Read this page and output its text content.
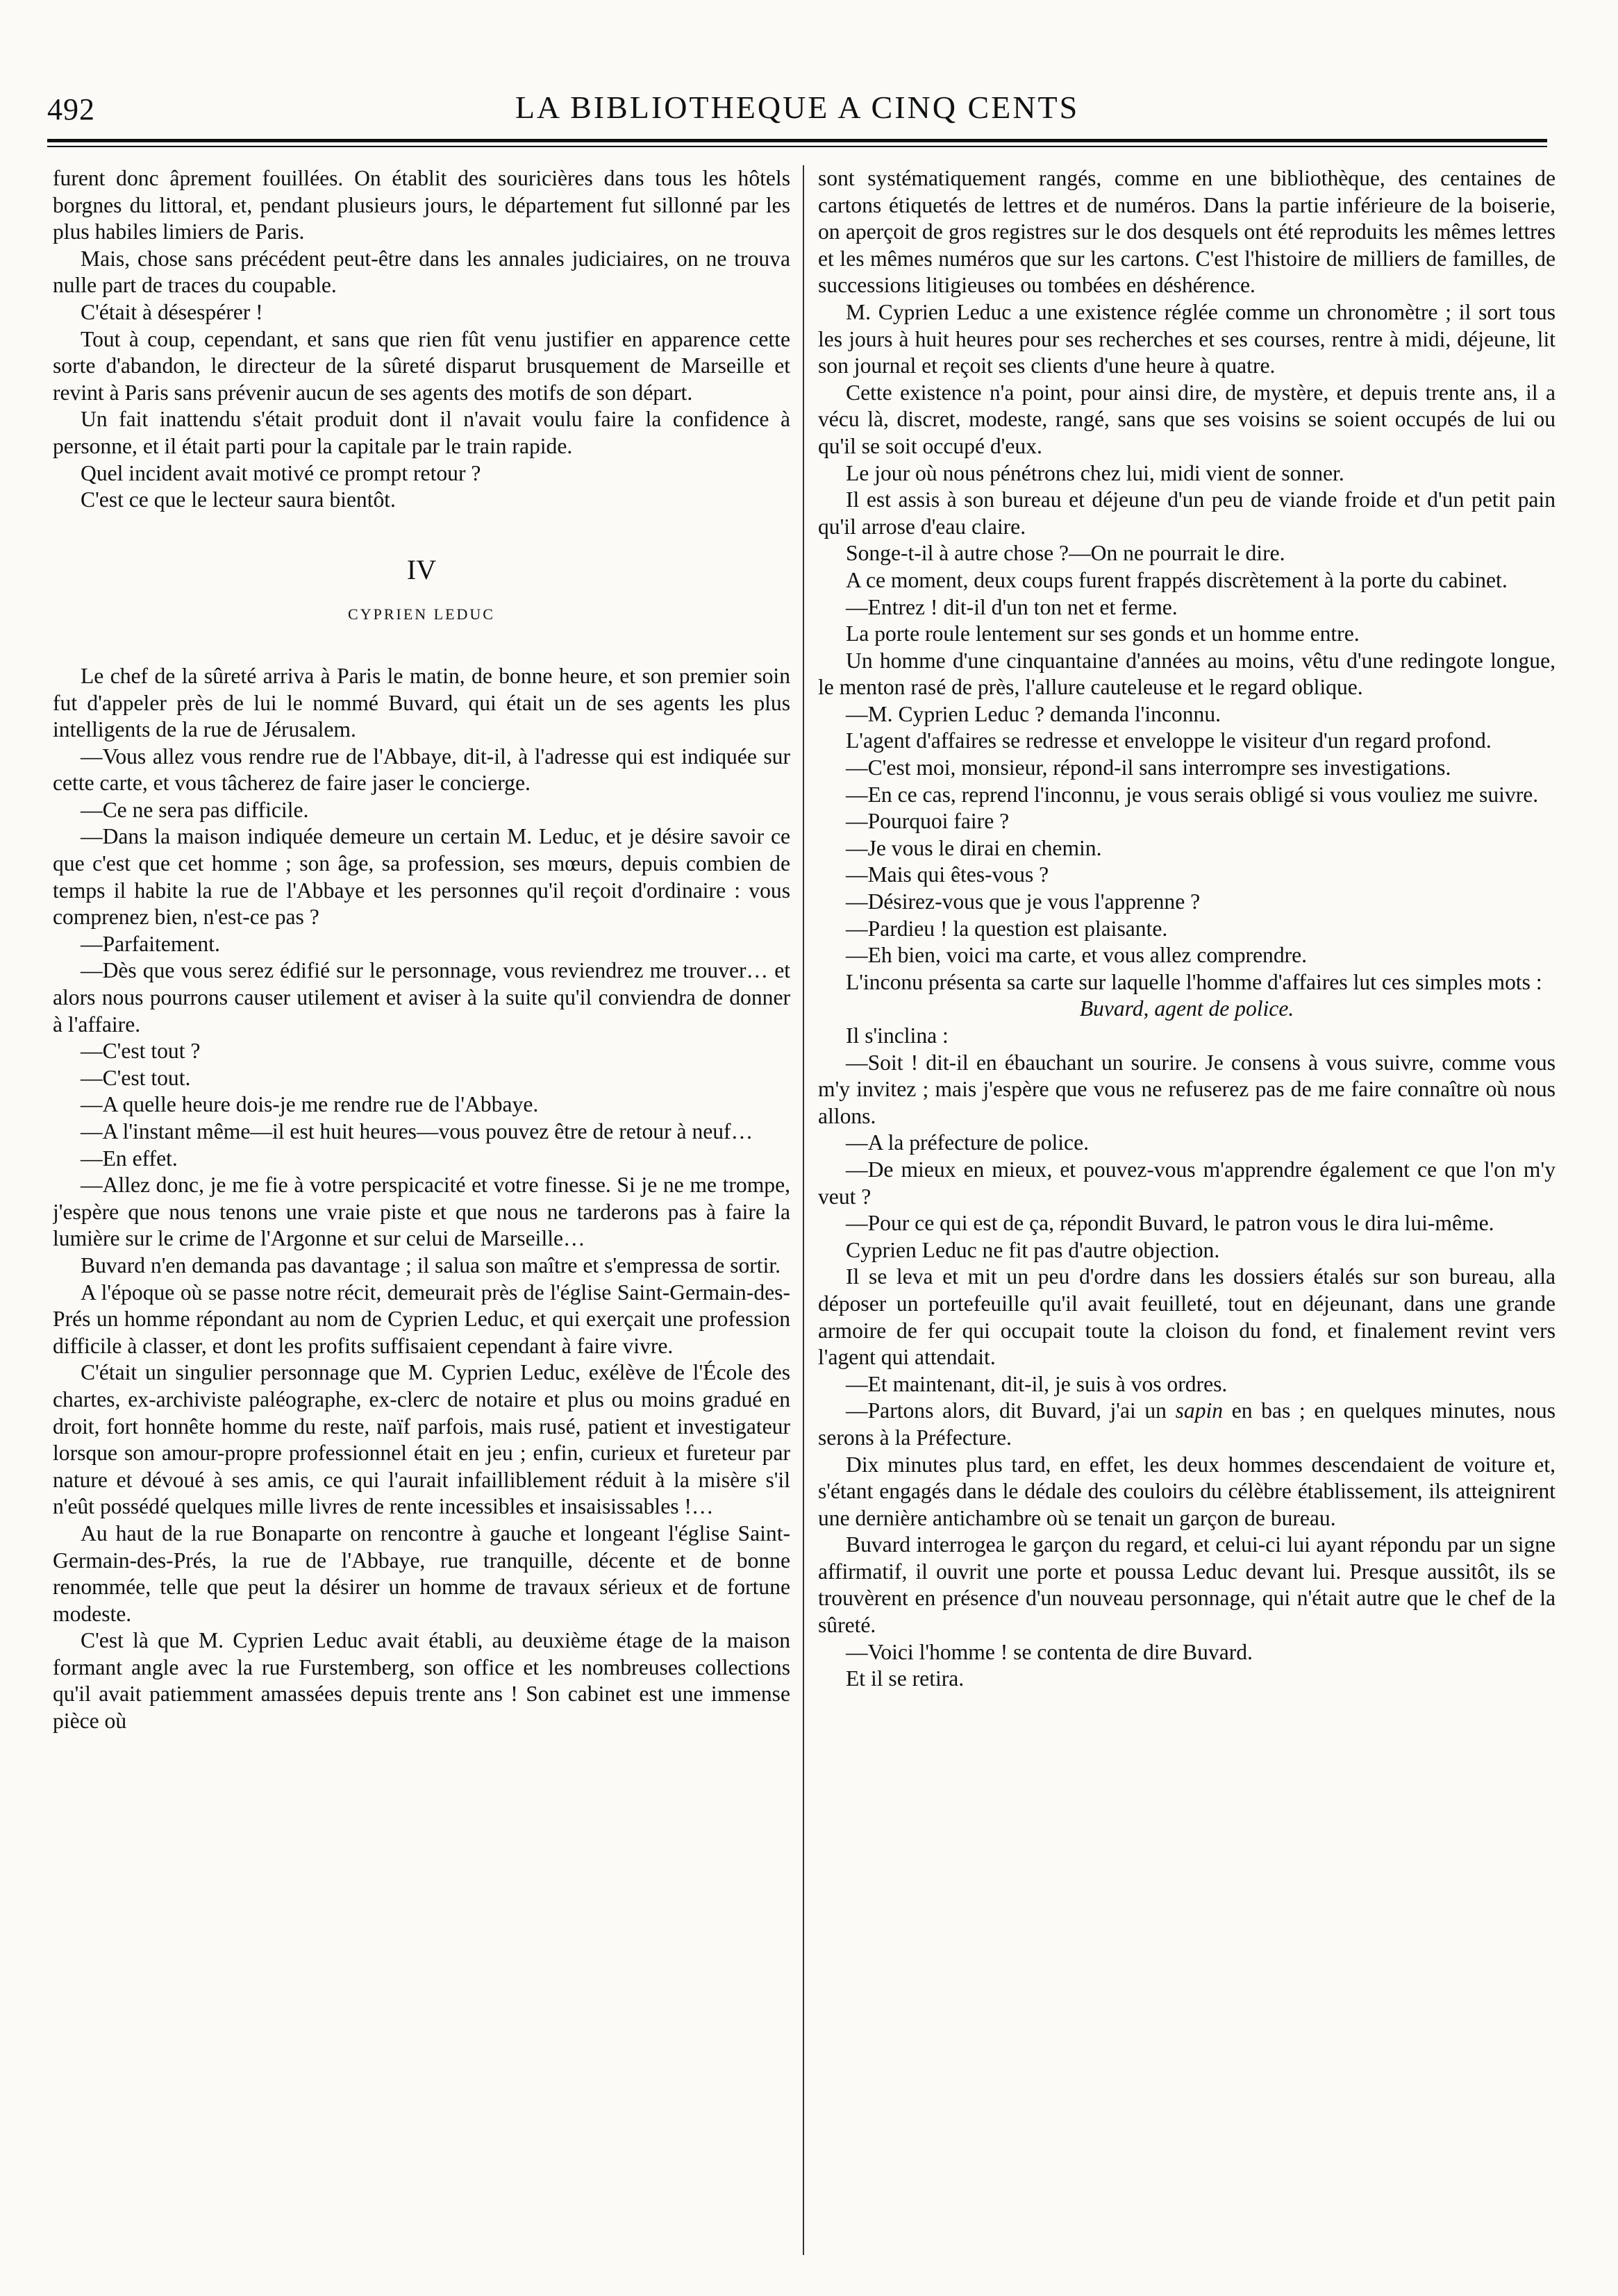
492	LA BIBLIOTHEQUE A CINQ CENTS

furent donc âprement fouillées. On établit des souricières dans tous les hôtels borgnes du littoral, et, pendant plusieurs jours, le département fut sillonné par les plus habiles limiers de Paris.

Mais, chose sans précédent peut-être dans les annales judiciaires, on ne trouva nulle part de traces du coupable.

C'était à désespérer !

Tout à coup, cependant, et sans que rien fût venu justifier en apparence cette sorte d'abandon, le directeur de la sûreté disparut brusquement de Marseille et revint à Paris sans prévenir aucun de ses agents des motifs de son départ.

Un fait inattendu s'était produit dont il n'avait voulu faire la confidence à personne, et il était parti pour la capitale par le train rapide.

Quel incident avait motivé ce prompt retour ?

C'est ce que le lecteur saura bientôt.

IV

CYPRIEN LEDUC

Le chef de la sûreté arriva à Paris le matin, de bonne heure, et son premier soin fut d'appeler près de lui le nommé Buvard, qui était un de ses agents les plus intelligents de la rue de Jérusalem.

—Vous allez vous rendre rue de l'Abbaye, dit-il, à l'adresse qui est indiquée sur cette carte, et vous tâcherez de faire jaser le concierge.

—Ce ne sera pas difficile.

—Dans la maison indiquée demeure un certain M. Leduc, et je désire savoir ce que c'est que cet homme ; son âge, sa profession, ses mœurs, depuis combien de temps il habite la rue de l'Abbaye et les personnes qu'il reçoit d'ordinaire : vous comprenez bien, n'est-ce pas ?

—Parfaitement.

—Dès que vous serez édifié sur le personnage, vous reviendrez me trouver… et alors nous pourrons causer utilement et aviser à la suite qu'il conviendra de donner à l'affaire.

—C'est tout ?

—C'est tout.

—A quelle heure dois-je me rendre rue de l'Abbaye.

—A l'instant même—il est huit heures—vous pouvez être de retour à neuf…

—En effet.

—Allez donc, je me fie à votre perspicacité et votre finesse. Si je ne me trompe, j'espère que nous tenons une vraie piste et que nous ne tarderons pas à faire la lumière sur le crime de l'Argonne et sur celui de Marseille…

Buvard n'en demanda pas davantage ; il salua son maître et s'empressa de sortir.

A l'époque où se passe notre récit, demeurait près de l'église Saint-Germain-des-Prés un homme répondant au nom de Cyprien Leduc, et qui exerçait une profession difficile à classer, et dont les profits suffisaient cependant à faire vivre.

C'était un singulier personnage que M. Cyprien Leduc, exélève de l'École des chartes, ex-archiviste paléographe, ex-clerc de notaire et plus ou moins gradué en droit, fort honnête homme du reste, naïf parfois, mais rusé, patient et investigateur lorsque son amour-propre professionnel était en jeu ; enfin, curieux et fureteur par nature et dévoué à ses amis, ce qui l'aurait infailliblement réduit à la misère s'il n'eût possédé quelques mille livres de rente incessibles et insaisissables !…

Au haut de la rue Bonaparte on rencontre à gauche et longeant l'église Saint-Germain-des-Prés, la rue de l'Abbaye, rue tranquille, décente et de bonne renommée, telle que peut la désirer un homme de travaux sérieux et de fortune modeste.

C'est là que M. Cyprien Leduc avait établi, au deuxième étage de la maison formant angle avec la rue Furstemberg, son office et les nombreuses collections qu'il avait patiemment amassées depuis trente ans ! Son cabinet est une immense pièce où

sont systématiquement rangés, comme en une bibliothèque, des centaines de cartons étiquetés de lettres et de numéros. Dans la partie inférieure de la boiserie, on aperçoit de gros registres sur le dos desquels ont été reproduits les mêmes lettres et les mêmes numéros que sur les cartons. C'est l'histoire de milliers de familles, de successions litigieuses ou tombées en déshérence.

M. Cyprien Leduc a une existence réglée comme un chronomètre ; il sort tous les jours à huit heures pour ses recherches et ses courses, rentre à midi, déjeune, lit son journal et reçoit ses clients d'une heure à quatre.

Cette existence n'a point, pour ainsi dire, de mystère, et depuis trente ans, il a vécu là, discret, modeste, rangé, sans que ses voisins se soient occupés de lui ou qu'il se soit occupé d'eux.

Le jour où nous pénétrons chez lui, midi vient de sonner.

Il est assis à son bureau et déjeune d'un peu de viande froide et d'un petit pain qu'il arrose d'eau claire.

Songe-t-il à autre chose ?—On ne pourrait le dire.

A ce moment, deux coups furent frappés discrètement à la porte du cabinet.

—Entrez ! dit-il d'un ton net et ferme.

La porte roule lentement sur ses gonds et un homme entre.

Un homme d'une cinquantaine d'années au moins, vêtu d'une redingote longue, le menton rasé de près, l'allure cauteleuse et le regard oblique.

—M. Cyprien Leduc ? demanda l'inconnu.

L'agent d'affaires se redresse et enveloppe le visiteur d'un regard profond.

—C'est moi, monsieur, répond-il sans interrompre ses investigations.

—En ce cas, reprend l'inconnu, je vous serais obligé si vous vouliez me suivre.

—Pourquoi faire ?

—Je vous le dirai en chemin.

—Mais qui êtes-vous ?

—Désirez-vous que je vous l'apprenne ?

—Pardieu ! la question est plaisante.

—Eh bien, voici ma carte, et vous allez comprendre.

L'inconu présenta sa carte sur laquelle l'homme d'affaires lut ces simples mots :

Buvard, agent de police.

Il s'inclina :

—Soit ! dit-il en ébauchant un sourire. Je consens à vous suivre, comme vous m'y invitez ; mais j'espère que vous ne refuserez pas de me faire connaître où nous allons.

—A la préfecture de police.

—De mieux en mieux, et pouvez-vous m'apprendre également ce que l'on m'y veut ?

—Pour ce qui est de ça, répondit Buvard, le patron vous le dira lui-même.

Cyprien Leduc ne fit pas d'autre objection.

Il se leva et mit un peu d'ordre dans les dossiers étalés sur son bureau, alla déposer un portefeuille qu'il avait feuilleté, tout en déjeunant, dans une grande armoire de fer qui occupait toute la cloison du fond, et finalement revint vers l'agent qui attendait.

—Et maintenant, dit-il, je suis à vos ordres.

—Partons alors, dit Buvard, j'ai un sapin en bas ; en quelques minutes, nous serons à la Préfecture.

Dix minutes plus tard, en effet, les deux hommes descendaient de voiture et, s'étant engagés dans le dédale des couloirs du célèbre établissement, ils atteignirent une dernière antichambre où se tenait un garçon de bureau.

Buvard interrogea le garçon du regard, et celui-ci lui ayant répondu par un signe affirmatif, il ouvrit une porte et poussa Leduc devant lui. Presque aussitôt, ils se trouvèrent en présence d'un nouveau personnage, qui n'était autre que le chef de la sûreté.

—Voici l'homme ! se contenta de dire Buvard.

Et il se retira.
